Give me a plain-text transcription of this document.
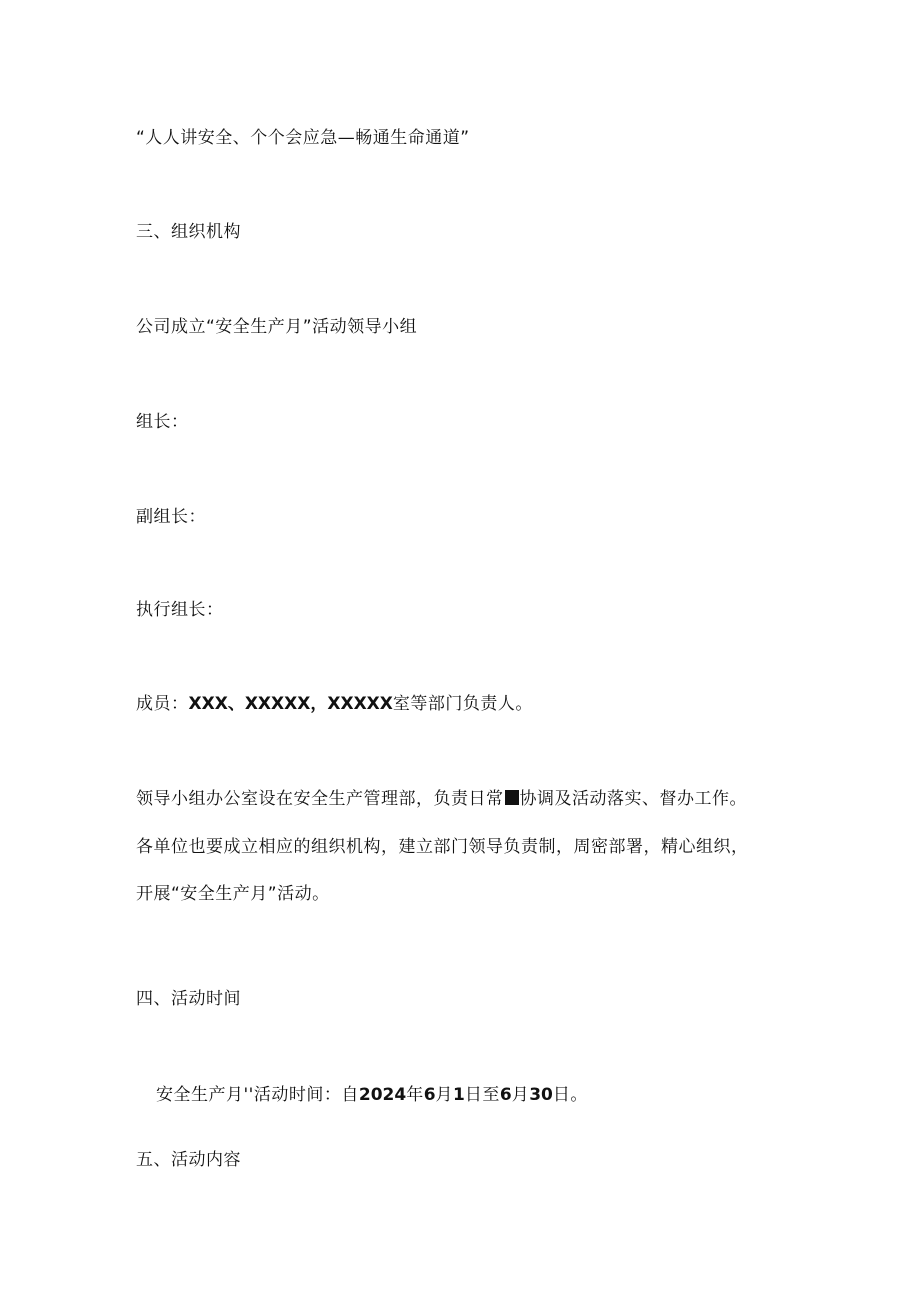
“人人讲安全、个个会应急—畅通生命通道”
三、组织机构
公司成立“安全生产月”活动领导小组
组长：
副组长：
执行组长：
成员：XXX、XXXXX，XXXXX室等部门负责人。
领导小组办公室设在安全生产管理部，负责日常 协调及活动落实、督办工作。
各单位也要成立相应的组织机构，建立部门领导负责制，周密部署，精心组织，
开展“安全生产月”活动。
四、活动时间
安全生产月''活动时间：自2024年6月1日至6月30日。
五、活动内容
